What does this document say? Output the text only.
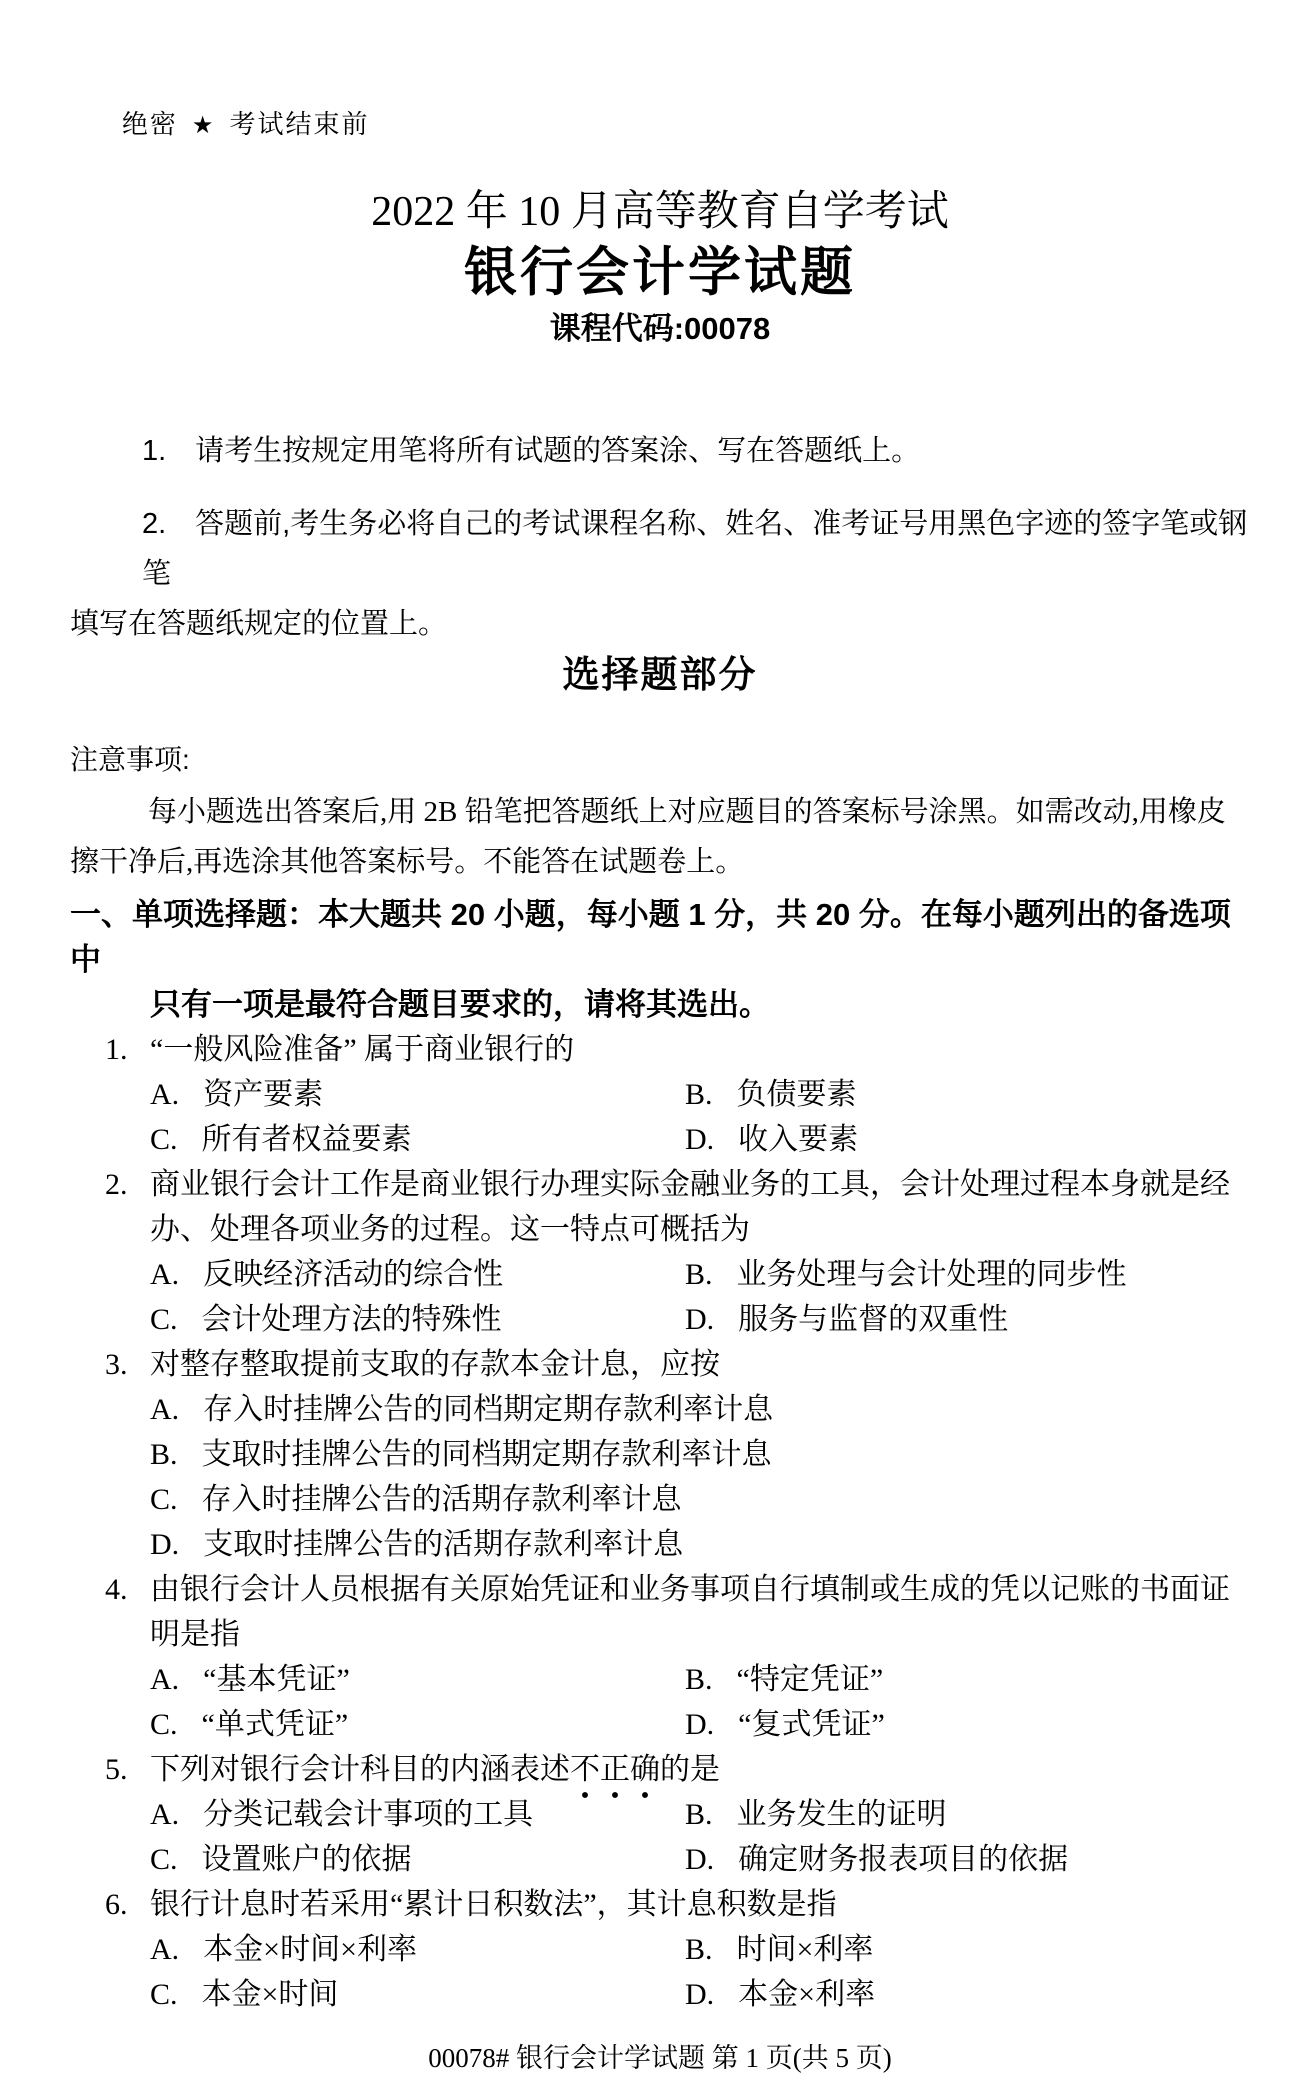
绝密 ★ 考试结束前

2022 年 10 月高等教育自学考试
银行会计学试题
课程代码:00078
1.　请考生按规定用笔将所有试题的答案涂、写在答题纸上。
2.　答题前,考生务必将自己的考试课程名称、姓名、准考证号用黑色字迹的签字笔或钢笔
填写在答题纸规定的位置上。
选择题部分
注意事项:
每小题选出答案后,用 2B 铅笔把答题纸上对应题目的答案标号涂黑。如需改动,用橡皮
擦干净后,再选涂其他答案标号。不能答在试题卷上。
一、单项选择题：本大题共 20 小题，每小题 1 分，共 20 分。在每小题列出的备选项中
只有一项是最符合题目要求的，请将其选出。
1. “一般风险准备” 属于商业银行的
A. 资产要素	B. 负债要素
C. 所有者权益要素	D. 收入要素
2. 商业银行会计工作是商业银行办理实际金融业务的工具，会计处理过程本身就是经
办、处理各项业务的过程。这一特点可概括为
A. 反映经济活动的综合性	B. 业务处理与会计处理的同步性
C. 会计处理方法的特殊性	D. 服务与监督的双重性
3. 对整存整取提前支取的存款本金计息，应按
A. 存入时挂牌公告的同档期定期存款利率计息
B. 支取时挂牌公告的同档期定期存款利率计息
C. 存入时挂牌公告的活期存款利率计息
D. 支取时挂牌公告的活期存款利率计息
4. 由银行会计人员根据有关原始凭证和业务事项自行填制或生成的凭以记账的书面证
明是指
A. “基本凭证”	B. “特定凭证”
C. “单式凭证”	D. “复式凭证”
5. 下列对银行会计科目的内涵表述不正确的是
A. 分类记载会计事项的工具	B. 业务发生的证明
C. 设置账户的依据	D. 确定财务报表项目的依据
6. 银行计息时若采用“累计日积数法”，其计息积数是指
A. 本金×时间×利率	B. 时间×利率
C. 本金×时间	D. 本金×利率
00078# 银行会计学试题 第 1 页(共 5 页)
